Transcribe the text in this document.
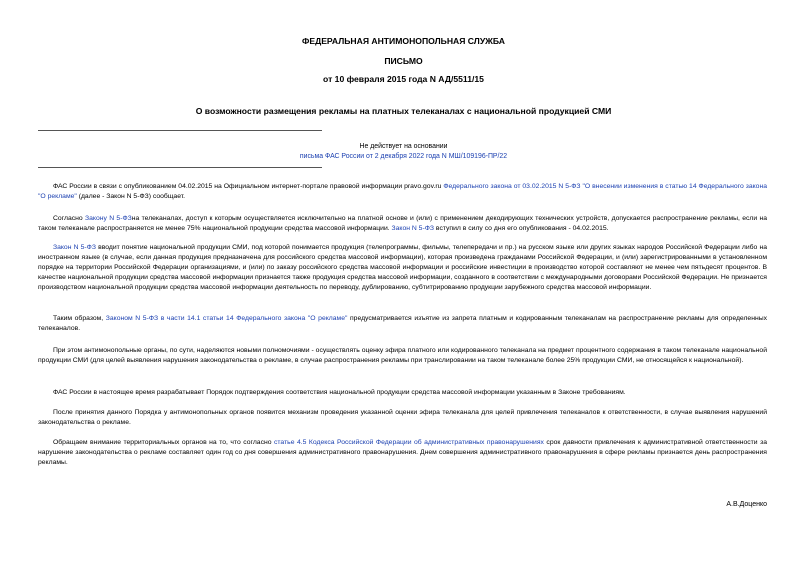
ФЕДЕРАЛЬНАЯ АНТИМОНОПОЛЬНАЯ СЛУЖБА
ПИСЬМО
от 10 февраля 2015 года N АД/5511/15
О возможности размещения рекламы на платных телеканалах с национальной продукцией СМИ
Не действует на основании
письма ФАС России от 2 декабря 2022 года N МШ/109196-ПР/22
ФАС России в связи с опубликованием 04.02.2015 на Официальном интернет-портале правовой информации pravo.gov.ru Федерального закона от 03.02.2015 N 5-ФЗ "О внесении изменения в статью 14 Федерального закона "О рекламе" (далее - Закон N 5-ФЗ) сообщает.
Согласно Закону N 5-ФЗна телеканалах, доступ к которым осуществляется исключительно на платной основе и (или) с применением декодирующих технических устройств, допускается распространение рекламы, если на таком телеканале распространяется не менее 75% национальной продукции средства массовой информации. Закон N 5-ФЗ вступил в силу со дня его опубликования - 04.02.2015.
Закон N 5-ФЗ вводит понятие национальной продукции СМИ, под которой понимается продукция (телепрограммы, фильмы, телепередачи и пр.) на русском языке или других языках народов Российской Федерации либо на иностранном языке (в случае, если данная продукция предназначена для российского средства массовой информации), которая произведена гражданами Российской Федерации, и (или) зарегистрированными в установленном порядке на территории Российской Федерации организациями, и (или) по заказу российского средства массовой информации и российские инвестиции в производство которой составляют не менее чем пятьдесят процентов. В качестве национальной продукции средства массовой информации признается также продукция средства массовой информации, созданного в соответствии с международными договорами Российской Федерации. Не признается производством национальной продукции средства массовой информации деятельность по переводу, дублированию, субтитрированию продукции зарубежного средства массовой информации.
Таким образом, Законом N 5-ФЗ в части 14.1 статьи 14 Федерального закона "О рекламе" предусматривается изъятие из запрета платным и кодированным телеканалам на распространение рекламы для определенных телеканалов.
При этом антимонопольные органы, по сути, наделяются новыми полномочиями - осуществлять оценку эфира платного или кодированного телеканала на предмет процентного содержания в таком телеканале национальной продукции СМИ (для целей выявления нарушения законодательства о рекламе, в случае распространения рекламы при транслировании на таком телеканале более 25% продукции СМИ, не относящейся к национальной).
ФАС России в настоящее время разрабатывает Порядок подтверждения соответствия национальной продукции средства массовой информации указанным в Законе требованиям.
После принятия данного Порядка у антимонопольных органов появится механизм проведения указанной оценки эфира телеканала для целей привлечения телеканалов к ответственности, в случае выявления нарушений законодательства о рекламе.
Обращаем внимание территориальных органов на то, что согласно статье 4.5 Кодекса Российской Федерации об административных правонарушениях срок давности привлечения к административной ответственности за нарушение законодательства о рекламе составляет один год со дня совершения административного правонарушения. Днем совершения административного правонарушения в сфере рекламы признается день распространения рекламы.
А.В.Доценко
